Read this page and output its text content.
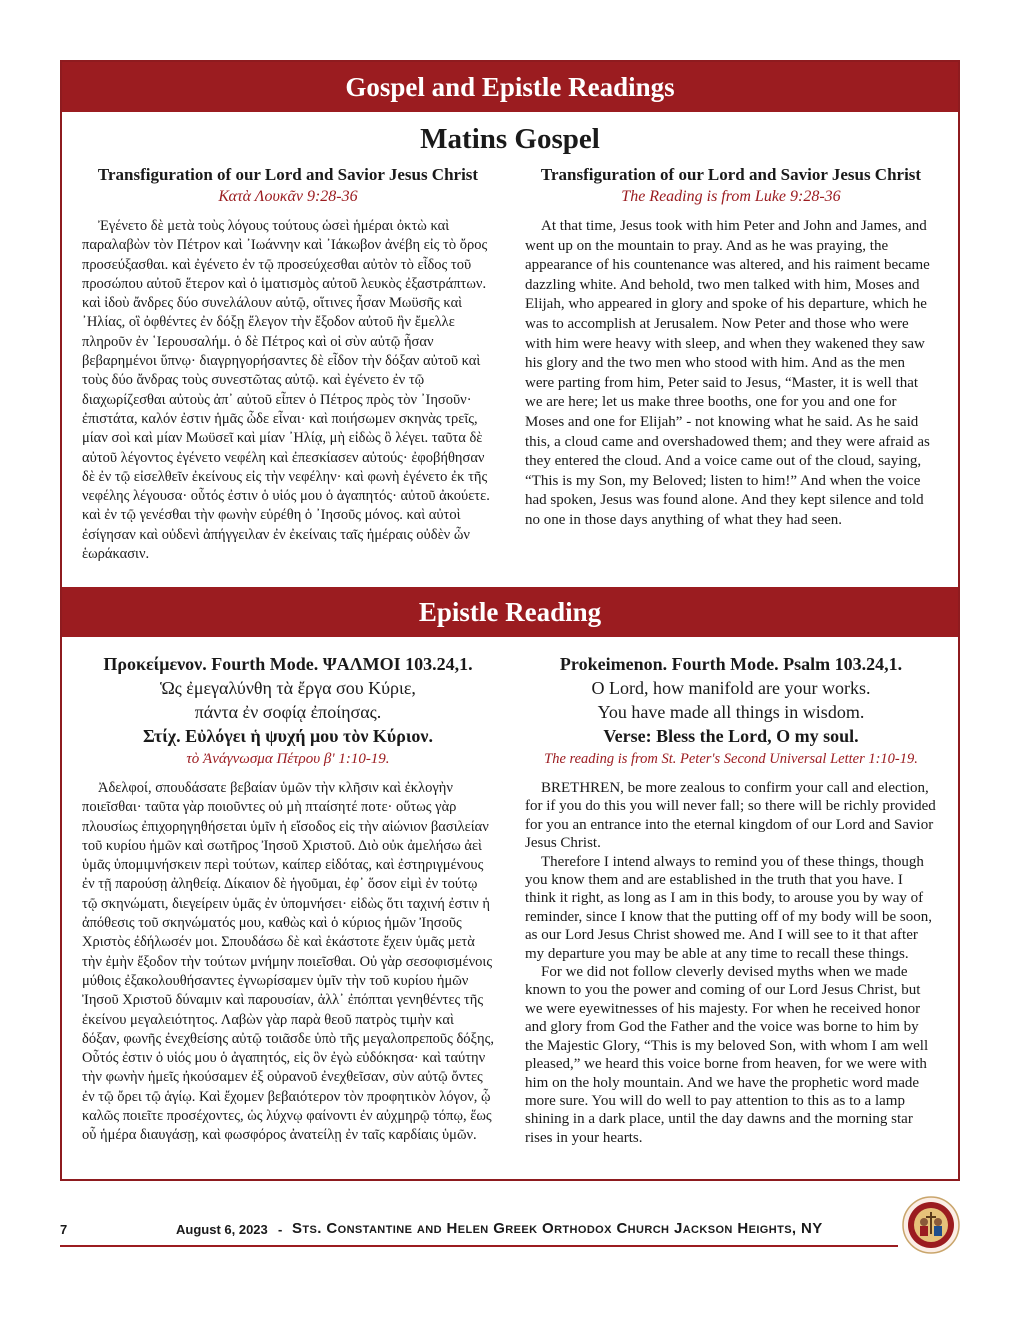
Gospel and Epistle Readings
Matins Gospel
Transfiguration of our Lord and Savior Jesus Christ
Κατὰ Λουκᾶν 9:28-36

Ἐγένετο δὲ μετὰ τοὺς λόγους τούτους ὡσεὶ ἡμέραι ὀκτὼ καὶ παραλαβὼν τὸν Πέτρον καὶ ᾿Ιωάννην καὶ ᾿Ιάκωβον ἀνέβη εἰς τὸ ὄρος προσεύξασθαι. καὶ ἐγένετο ἐν τῷ προσεύχεσθαι αὐτὸν τὸ εἶδος τοῦ προσώπου αὐτοῦ ἕτερον καὶ ὁ ἱματισμὸς αὐτοῦ λευκὸς ἐξαστράπτων. καὶ ἰδοὺ ἄνδρες δύο συνελάλουν αὐτῷ, οἵτινες ἦσαν Μωϋσῆς καὶ ᾿Ηλίας, οἳ ὀφθέντες ἐν δόξῃ ἔλεγον τὴν ἔξοδον αὐτοῦ ἣν ἔμελλε πληροῦν ἐν ῾Ιερουσαλήμ. ὁ δὲ Πέτρος καὶ οἱ σὺν αὐτῷ ἦσαν βεβαρημένοι ὕπνῳ· διαγρηγορήσαντες δὲ εἶδον τὴν δόξαν αὐτοῦ καὶ τοὺς δύο ἄνδρας τοὺς συνεστῶτας αὐτῷ. καὶ ἐγένετο ἐν τῷ διαχωρίζεσθαι αὐτοὺς ἀπ᾿ αὐτοῦ εἶπεν ὁ Πέτρος πρὸς τὸν ᾿Ιησοῦν· ἐπιστάτα, καλόν ἐστιν ἡμᾶς ὧδε εἶναι· καὶ ποιήσωμεν σκηνὰς τρεῖς, μίαν σοὶ καὶ μίαν Μωϋσεῖ καὶ μίαν ᾿Ηλίᾳ, μὴ εἰδὼς ὃ λέγει. ταῦτα δὲ αὐτοῦ λέγοντος ἐγένετο νεφέλη καὶ ἐπεσκίασεν αὐτούς· ἐφοβήθησαν δὲ ἐν τῷ εἰσελθεῖν ἐκείνους εἰς τὴν νεφέλην· καὶ φωνὴ ἐγένετο ἐκ τῆς νεφέλης λέγουσα· οὗτός ἐστιν ὁ υἱός μου ὁ ἀγαπητός· αὐτοῦ ἀκούετε. καὶ ἐν τῷ γενέσθαι τὴν φωνὴν εὑρέθη ὁ ᾿Ιησοῦς μόνος. καὶ αὐτοὶ ἐσίγησαν καὶ οὐδενὶ ἀπήγγειλαν ἐν ἐκείναις ταῖς ἡμέραις οὐδὲν ὧν ἑωράκασιν.

Transfiguration of our Lord and Savior Jesus Christ
The Reading is from Luke 9:28-36

At that time, Jesus took with him Peter and John and James, and went up on the mountain to pray. And as he was praying, the appearance of his countenance was altered, and his raiment became dazzling white. And behold, two men talked with him, Moses and Elijah, who appeared in glory and spoke of his departure, which he was to accomplish at Jerusalem. Now Peter and those who were with him were heavy with sleep, and when they wakened they saw his glory and the two men who stood with him. And as the men were parting from him, Peter said to Jesus, “Master, it is well that we are here; let us make three booths, one for you and one for Moses and one for Elijah” - not knowing what he said. As he said this, a cloud came and overshadowed them; and they were afraid as they entered the cloud. And a voice came out of the cloud, saying, “This is my Son, my Beloved; listen to him!” And when the voice had spoken, Jesus was found alone. And they kept silence and told no one in those days anything of what they had seen.

Epistle Reading
Προκείμενον. Fourth Mode. ΨΑΛΜΟΙ 103.24,1.
Ὡς ἐμεγαλύνθη τὰ ἔργα σου Κύριε,
πάντα ἐν σοφίᾳ ἐποίησας.
Στίχ. Εὐλόγει ἡ ψυχή μου τὸν Κύριον.
τὸ Ἀνάγνωσμα Πέτρου β' 1:10-19.

Ἀδελφοί, σπουδάσατε βεβαίαν ὑμῶν τὴν κλῆσιν καὶ ἐκλογὴν ποιεῖσθαι· ταῦτα γὰρ ποιοῦντες οὐ μὴ πταίσητέ ποτε· οὕτως γὰρ πλουσίως ἐπιχορηγηθήσεται ὑμῖν ἡ εἴσοδος εἰς τὴν αἰώνιον βασιλείαν τοῦ κυρίου ἡμῶν καὶ σωτῆρος Ἰησοῦ Χριστοῦ. Διὸ οὐκ ἀμελήσω ἀεὶ ὑμᾶς ὑπομιμνήσκειν περὶ τούτων, καίπερ εἰδότας, καὶ ἐστηριγμένους ἐν τῇ παρούσῃ ἀληθείᾳ. Δίκαιον δὲ ἡγοῦμαι, ἐφ᾽ ὅσον εἰμὶ ἐν τούτῳ τῷ σκηνώματι, διεγείρειν ὑμᾶς ἐν ὑπομνήσει· εἰδὼς ὅτι ταχινή ἐστιν ἡ ἀπόθεσις τοῦ σκηνώματός μου, καθὼς καὶ ὁ κύριος ἡμῶν Ἰησοῦς Χριστὸς ἐδήλωσέν μοι. Σπουδάσω δὲ καὶ ἑκάστοτε ἔχειν ὑμᾶς μετὰ τὴν ἐμὴν ἔξοδον τὴν τούτων μνήμην ποιεῖσθαι. Οὐ γὰρ σεσοφισμένοις μύθοις ἐξακολουθήσαντες ἐγνωρίσαμεν ὑμῖν τὴν τοῦ κυρίου ἡμῶν Ἰησοῦ Χριστοῦ δύναμιν καὶ παρουσίαν, ἀλλ᾽ ἐπόπται γενηθέντες τῆς ἐκείνου μεγαλειότητος. Λαβὼν γὰρ παρὰ θεοῦ πατρὸς τιμὴν καὶ δόξαν, φωνῆς ἐνεχθείσης αὐτῷ τοιᾶσδε ὑπὸ τῆς μεγαλοπρεποῦς δόξης, Οὗτός ἐστιν ὁ υἱός μου ὁ ἀγαπητός, εἰς ὃν ἐγὼ εὐδόκησα· καὶ ταύτην τὴν φωνὴν ἡμεῖς ἠκούσαμεν ἐξ οὐρανοῦ ἐνεχθεῖσαν, σὺν αὐτῷ ὄντες ἐν τῷ ὄρει τῷ ἁγίῳ. Καὶ ἔχομεν βεβαιότερον τὸν προφητικὸν λόγον, ᾧ καλῶς ποιεῖτε προσέχοντες, ὡς λύχνῳ φαίνοντι ἐν αὐχμηρῷ τόπῳ, ἕως οὗ ἡμέρα διαυγάσῃ, καὶ φωσφόρος ἀνατείλῃ ἐν ταῖς καρδίαις ὑμῶν.

Prokeimenon. Fourth Mode. Psalm 103.24,1.
O Lord, how manifold are your works.
You have made all things in wisdom.
Verse: Bless the Lord, O my soul.
The reading is from St. Peter's Second Universal Letter 1:10-19.

BRETHREN, be more zealous to confirm your call and election, for if you do this you will never fall; so there will be richly provided for you an entrance into the eternal kingdom of our Lord and Savior Jesus Christ.

Therefore I intend always to remind you of these things, though you know them and are established in the truth that you have. I think it right, as long as I am in this body, to arouse you by way of reminder, since I know that the putting off of my body will be soon, as our Lord Jesus Christ showed me. And I will see to it that after my departure you may be able at any time to recall these things.

For we did not follow cleverly devised myths when we made known to you the power and coming of our Lord Jesus Christ, but we were eyewitnesses of his majesty. For when he received honor and glory from God the Father and the voice was borne to him by the Majestic Glory, “This is my beloved Son, with whom I am well pleased,” we heard this voice borne from heaven, for we were with him on the holy mountain. And we have the prophetic word made more sure. You will do well to pay attention to this as to a lamp shining in a dark place, until the day dawns and the morning star rises in your hearts.

7	August 6, 2023 - Sts. Constantine and Helen Greek Orthodox Church Jackson Heights, NY
